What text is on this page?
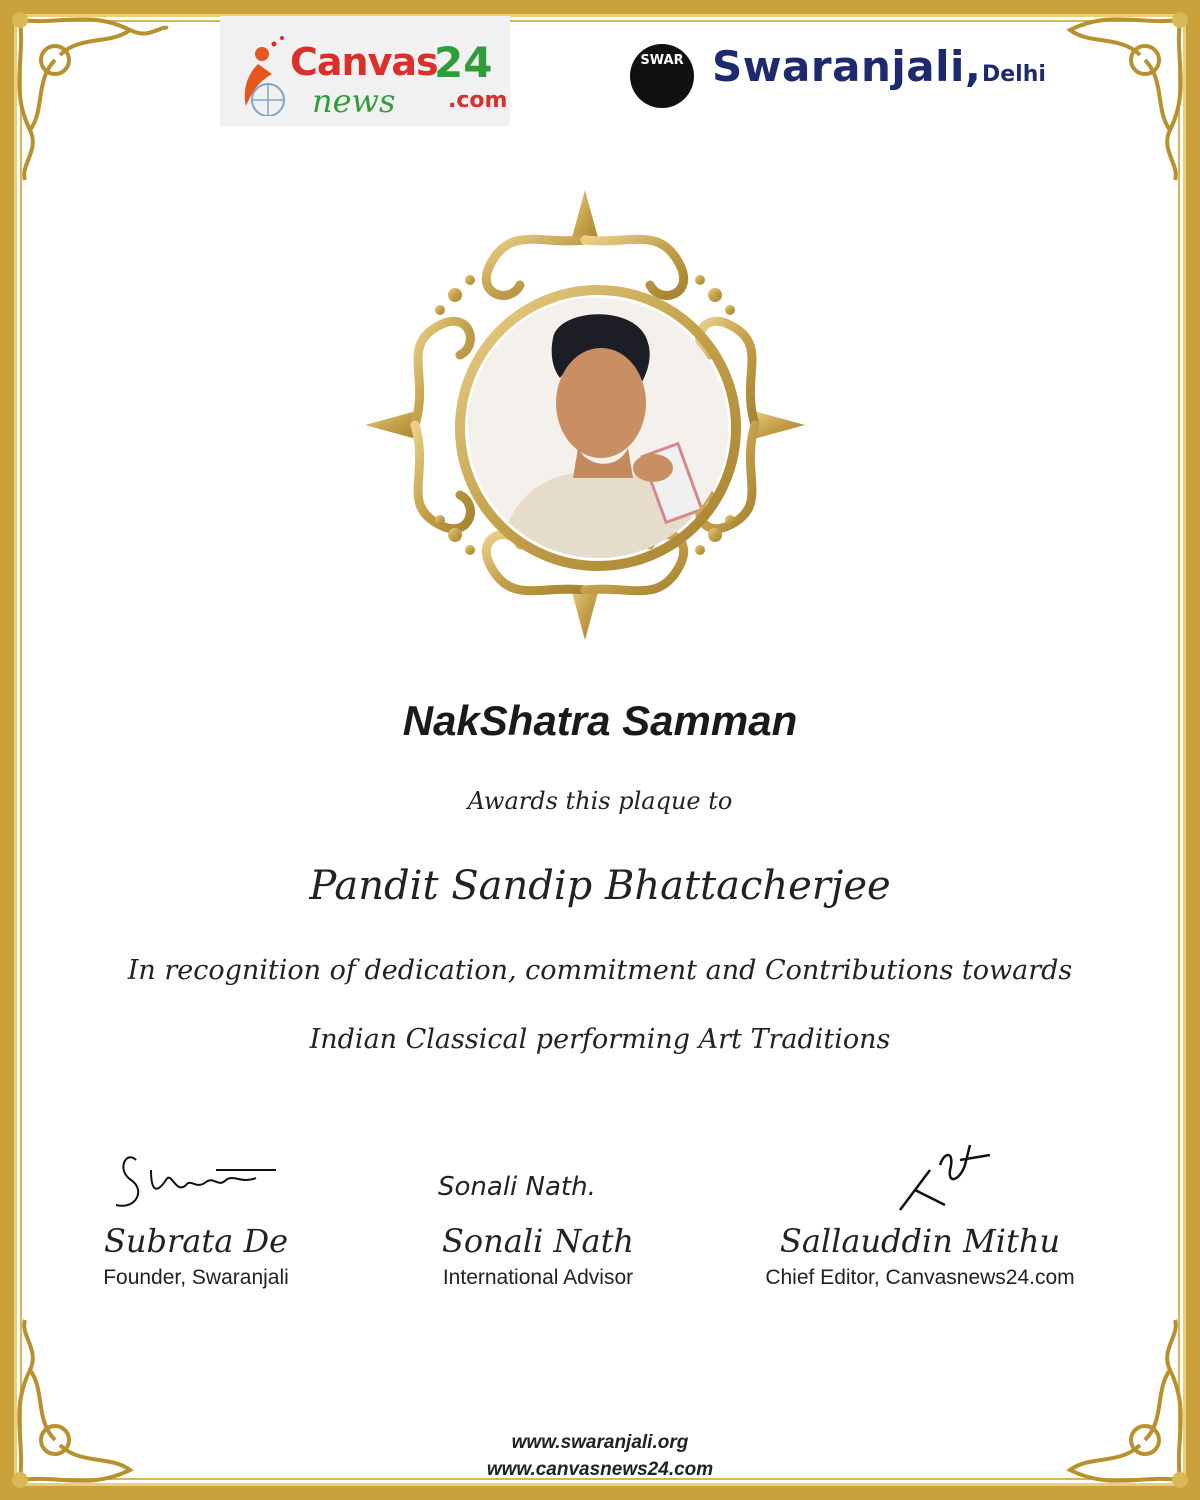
Canvas
24
news .com
SWAR Swaranjali, Delhi
NakShatra Samman
Awards this plaque to
Pandit Sandip Bhattacherjee
In recognition of dedication, commitment and Contributions towards
Indian Classical performing Art Traditions
Subrata De
Founder, Swaranjali
Sonali Nath.
Sonali Nath
International Advisor
Sallauddin Mithu
Chief Editor, Canvasnews24.com
www.swaranjali.org
www.canvasnews24.com
